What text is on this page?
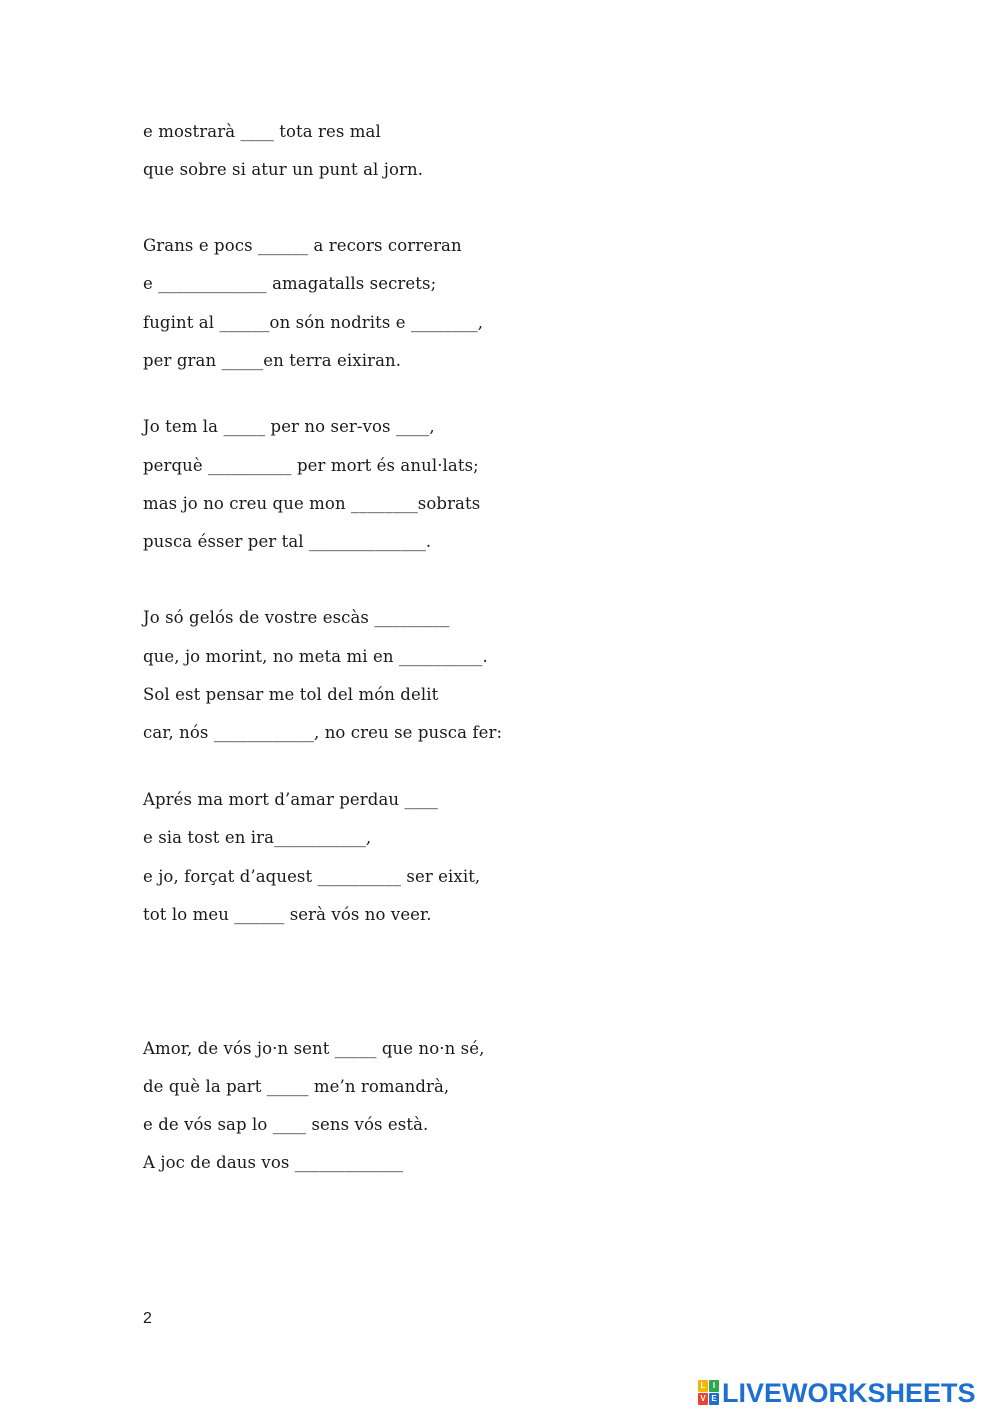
e mostrarà ____ tota res mal
que sobre si atur un punt al jorn.
Grans e pocs ______ a recors correran
e _____________ amagatalls secrets;
fugint al ______on són nodrits e ________,
per gran _____en terra eixiran.
Jo tem la _____ per no ser-vos ____,
perquè __________ per mort és anul·lats;
mas jo no creu que mon ________sobrats
pusca ésser per tal ______________.
Jo só gelós de vostre escàs _________
que, jo morint, no meta mi en __________.
Sol est pensar me tol del món delit
car, nós ____________, no creu se pusca fer:
Aprés ma mort d’amar perdau ____
e sia tost en ira___________,
e jo, forçat d’aquest __________ ser eixit,
tot lo meu ______ serà vós no veer.
Amor, de vós jo·n sent _____ que no·n sé,
de què la part _____ me’n romandrà,
e de vós sap lo ____ sens vós està.
A joc de daus vos _____________
2
L I
V E LIVEWORKSHEETS
